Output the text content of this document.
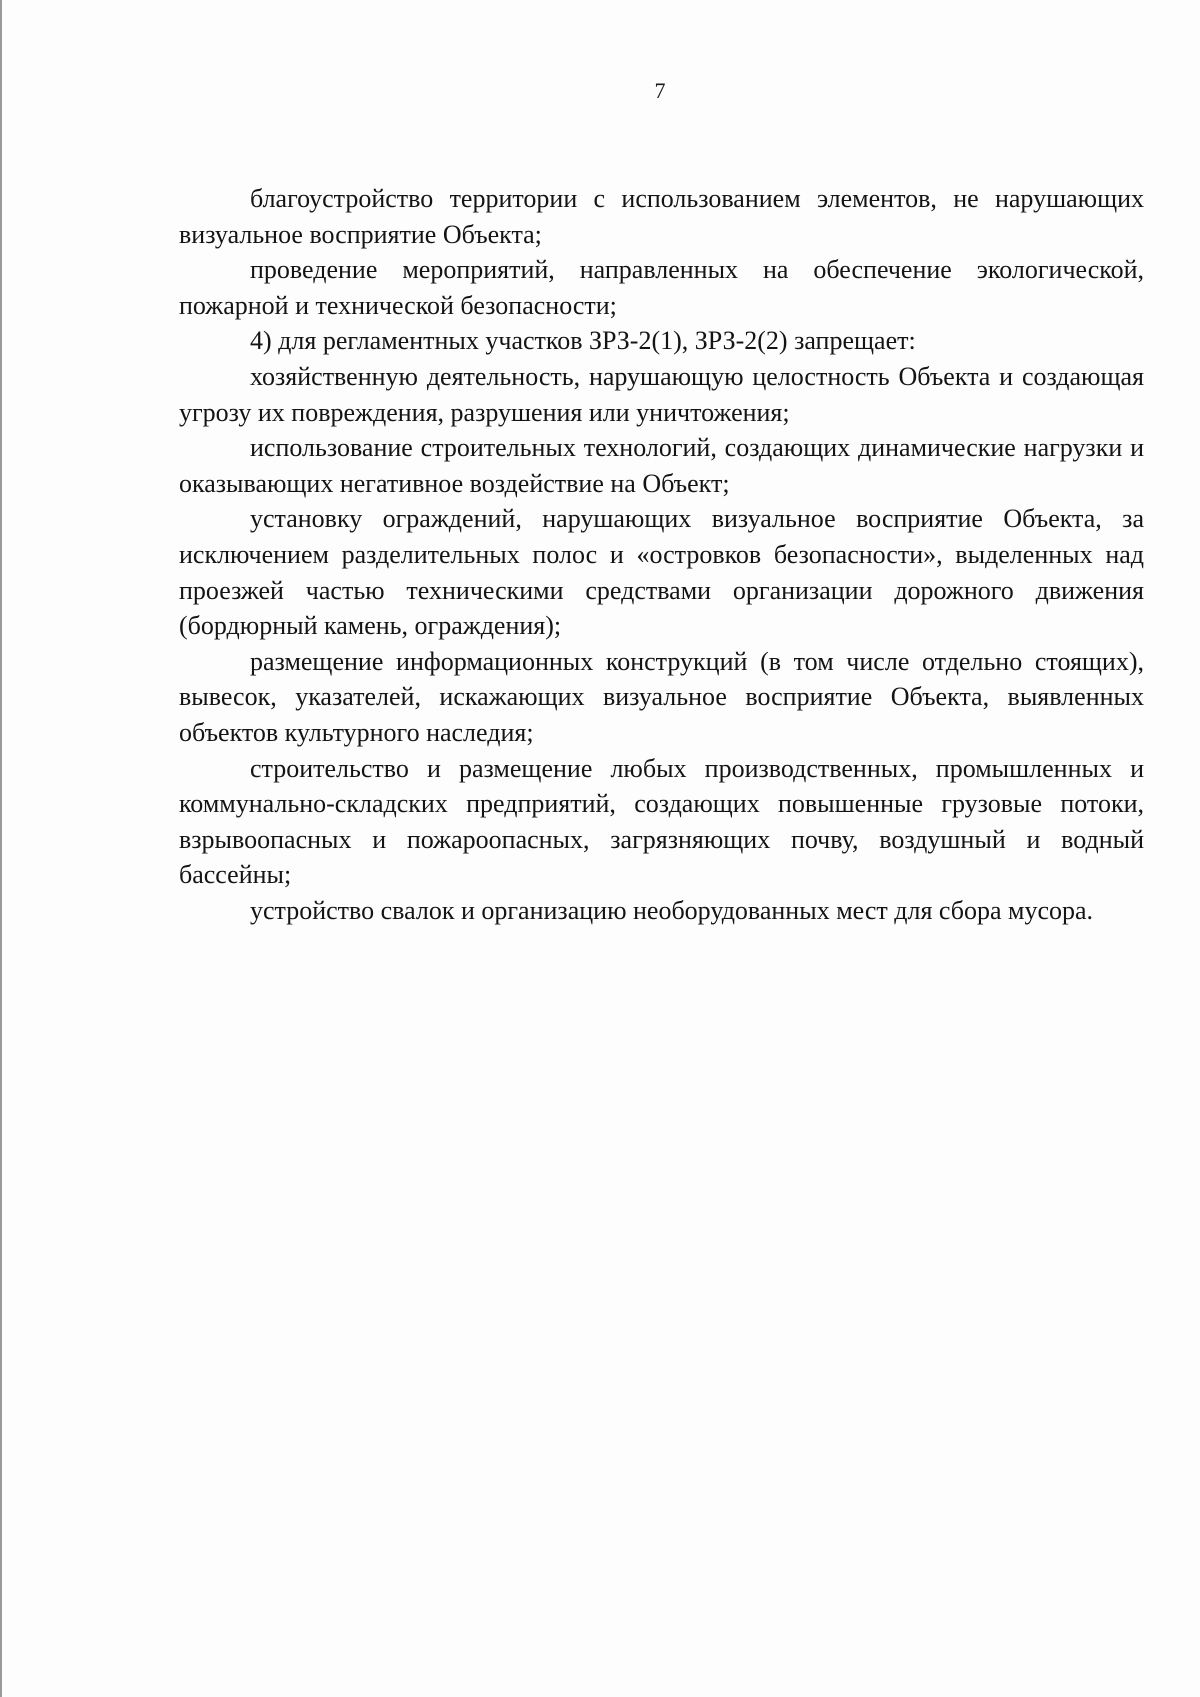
7

благоустройство территории с использованием элементов, не нарушающих визуальное восприятие Объекта;

проведение мероприятий, направленных на обеспечение экологической, пожарной и технической безопасности;

4) для регламентных участков ЗРЗ-2(1), ЗРЗ-2(2) запрещает:

хозяйственную деятельность, нарушающую целостность Объекта и создающая угрозу их повреждения, разрушения или уничтожения;

использование строительных технологий, создающих динамические нагрузки и оказывающих негативное воздействие на Объект;

установку ограждений, нарушающих визуальное восприятие Объекта, за исключением разделительных полос и «островков безопасности», выделенных над проезжей частью техническими средствами организации дорожного движения (бордюрный камень, ограждения);

размещение информационных конструкций (в том числе отдельно стоящих), вывесок, указателей, искажающих визуальное восприятие Объекта, выявленных объектов культурного наследия;

строительство и размещение любых производственных, промышленных и коммунально-складских предприятий, создающих повышенные грузовые потоки, взрывоопасных и пожароопасных, загрязняющих почву, воздушный и водный бассейны;

устройство свалок и организацию необорудованных мест для сбора мусора.
